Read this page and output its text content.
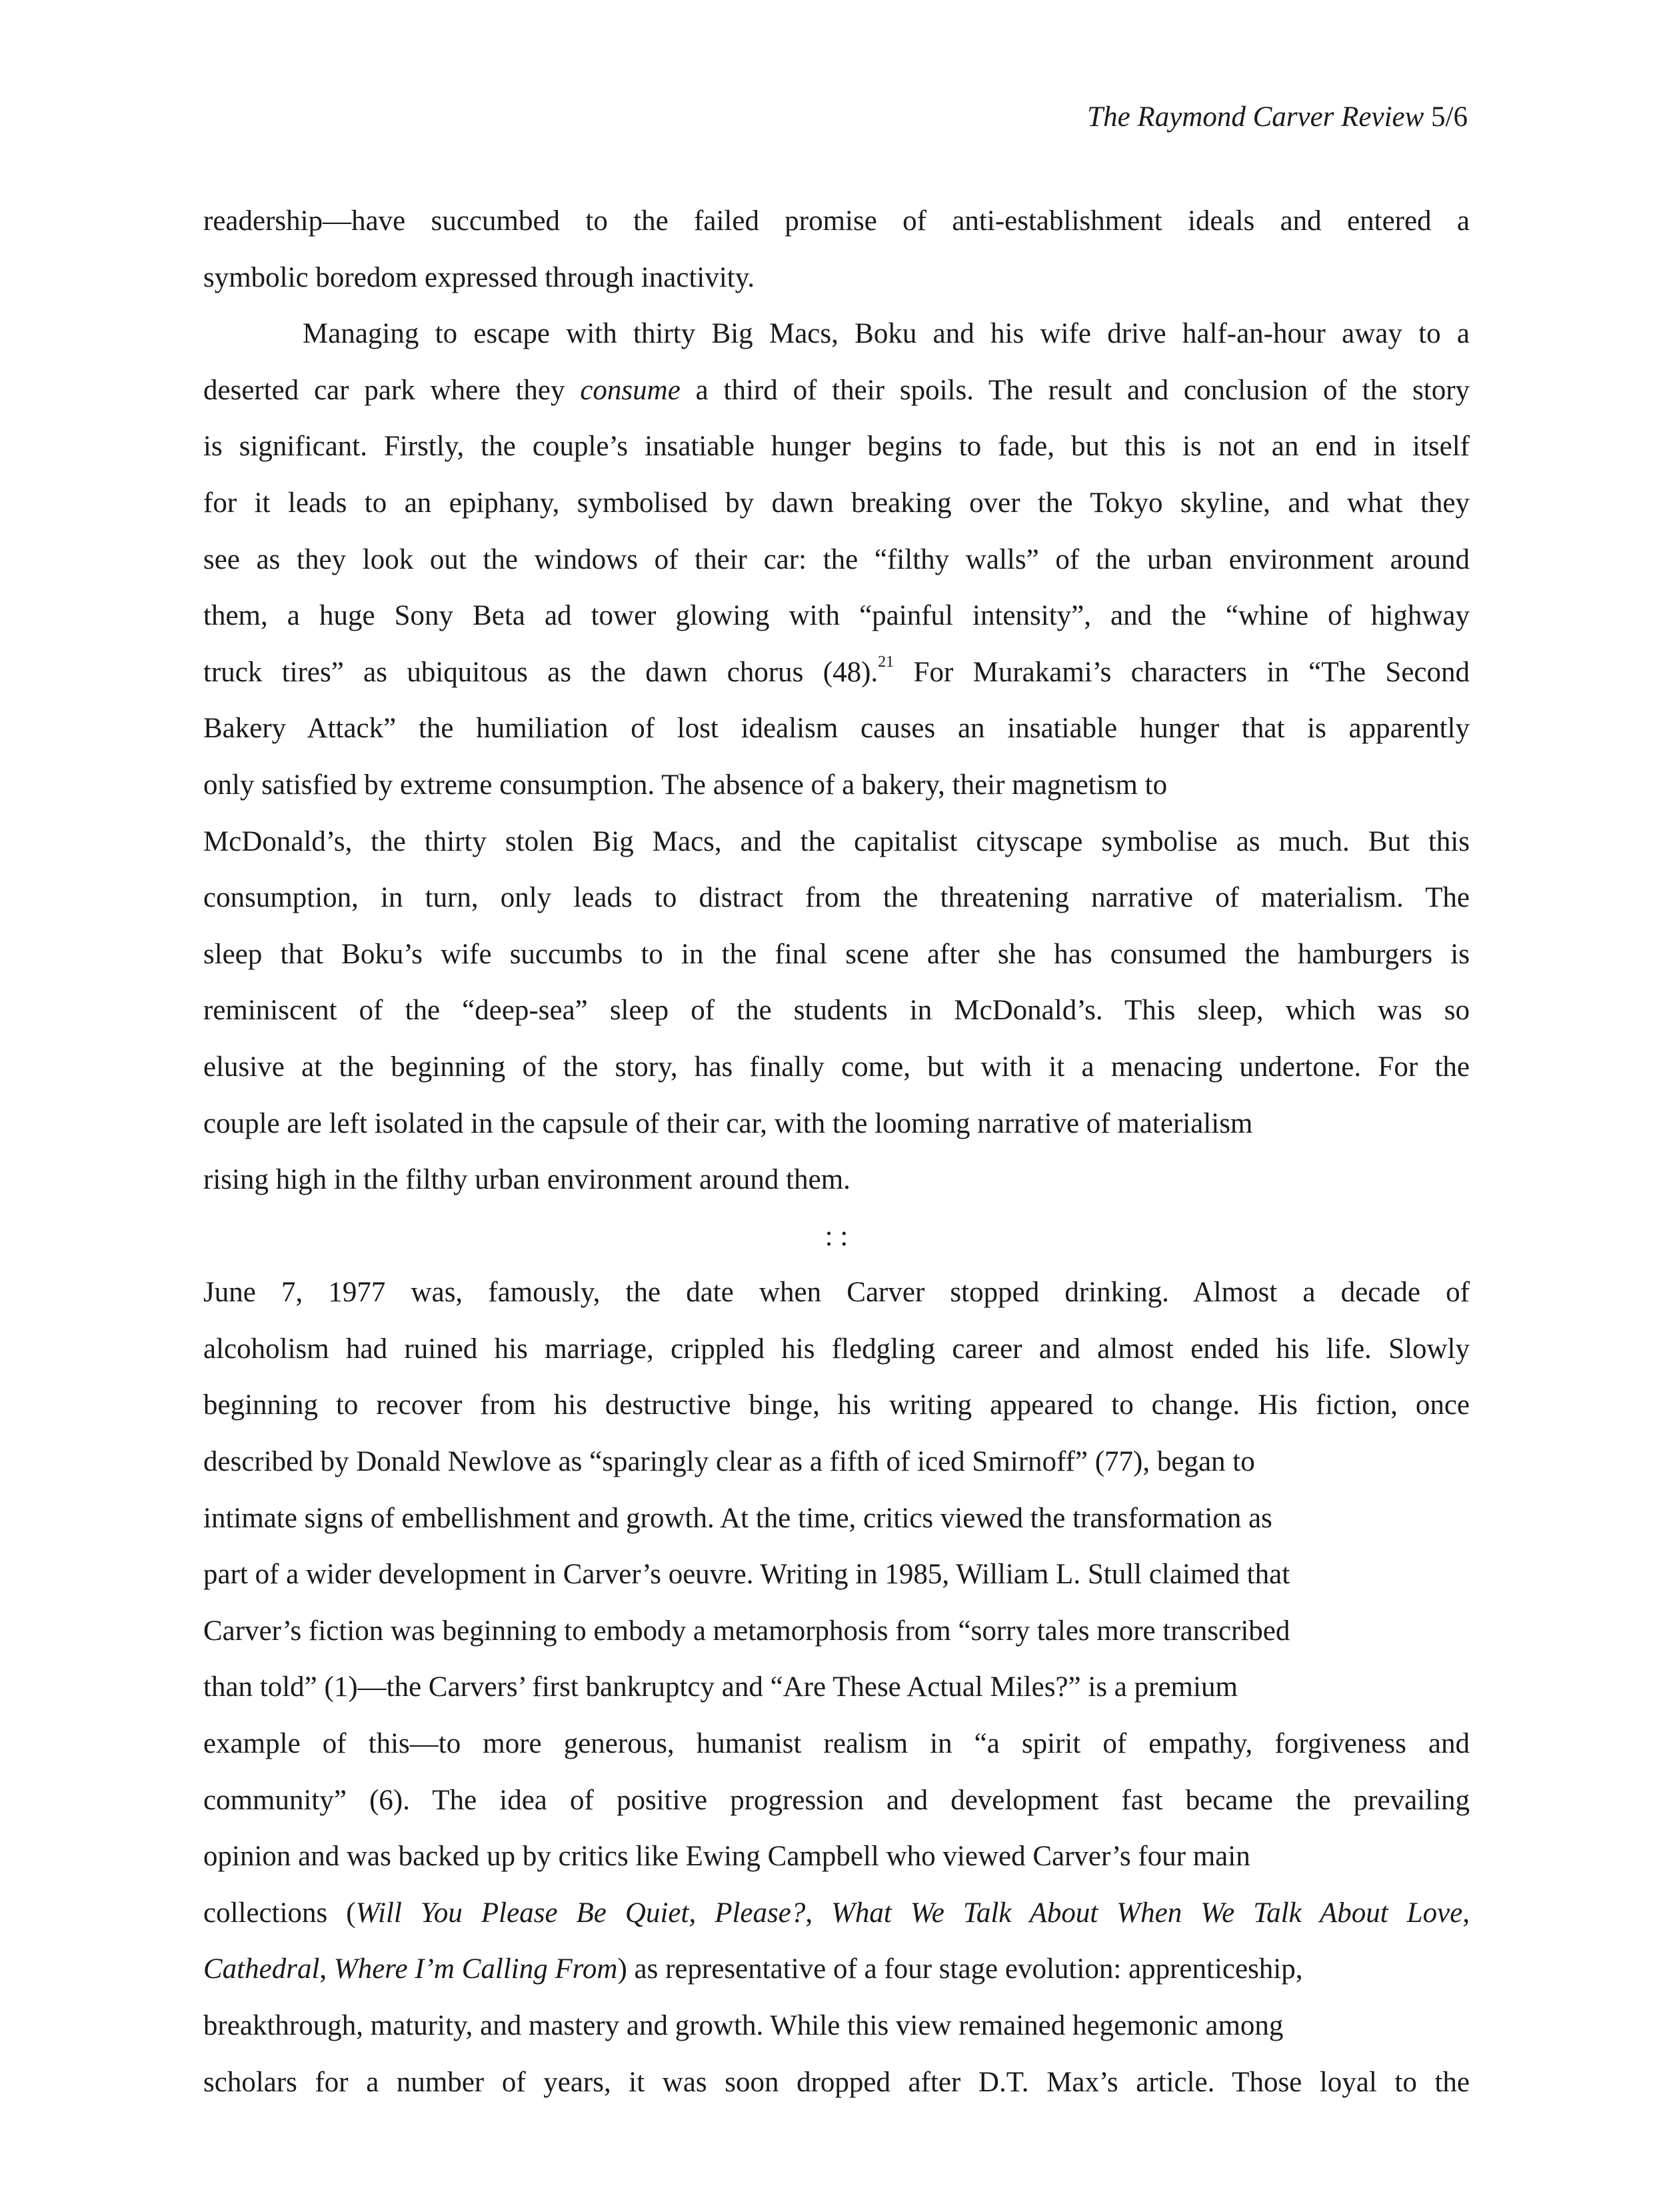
The Raymond Carver Review 5/6
readership—have succumbed to the failed promise of anti-establishment ideals and entered a
symbolic boredom expressed through inactivity.
Managing to escape with thirty Big Macs, Boku and his wife drive half-an-hour away to a
deserted car park where they consume a third of their spoils. The result and conclusion of the story
is significant. Firstly, the couple’s insatiable hunger begins to fade, but this is not an end in itself
for it leads to an epiphany, symbolised by dawn breaking over the Tokyo skyline, and what they
see as they look out the windows of their car: the “filthy walls” of the urban environment around
them, a huge Sony Beta ad tower glowing with “painful intensity”, and the “whine of highway
truck tires” as ubiquitous as the dawn chorus (48).$^{21}$ For Murakami’s characters in “The Second
Bakery Attack” the humiliation of lost idealism causes an insatiable hunger that is apparently
only satisfied by extreme consumption. The absence of a bakery, their magnetism to
McDonald’s, the thirty stolen Big Macs, and the capitalist cityscape symbolise as much. But this
consumption, in turn, only leads to distract from the threatening narrative of materialism. The
sleep that Boku’s wife succumbs to in the final scene after she has consumed the hamburgers is
reminiscent of the “deep-sea” sleep of the students in McDonald’s. This sleep, which was so
elusive at the beginning of the story, has finally come, but with it a menacing undertone. For the
couple are left isolated in the capsule of their car, with the looming narrative of materialism
rising high in the filthy urban environment around them.
: :
June 7, 1977 was, famously, the date when Carver stopped drinking. Almost a decade of
alcoholism had ruined his marriage, crippled his fledgling career and almost ended his life. Slowly
beginning to recover from his destructive binge, his writing appeared to change. His fiction, once
described by Donald Newlove as “sparingly clear as a fifth of iced Smirnoff” (77), began to
intimate signs of embellishment and growth. At the time, critics viewed the transformation as
part of a wider development in Carver’s oeuvre. Writing in 1985, William L. Stull claimed that
Carver’s fiction was beginning to embody a metamorphosis from “sorry tales more transcribed
than told” (1)—the Carvers’ first bankruptcy and “Are These Actual Miles?” is a premium
example of this—to more generous, humanist realism in “a spirit of empathy, forgiveness and
community” (6). The idea of positive progression and development fast became the prevailing
opinion and was backed up by critics like Ewing Campbell who viewed Carver’s four main
collections (Will You Please Be Quiet, Please?, What We Talk About When We Talk About Love,
Cathedral, Where I’m Calling From) as representative of a four stage evolution: apprenticeship,
breakthrough, maturity, and mastery and growth. While this view remained hegemonic among
scholars for a number of years, it was soon dropped after D.T. Max’s article. Those loyal to the
